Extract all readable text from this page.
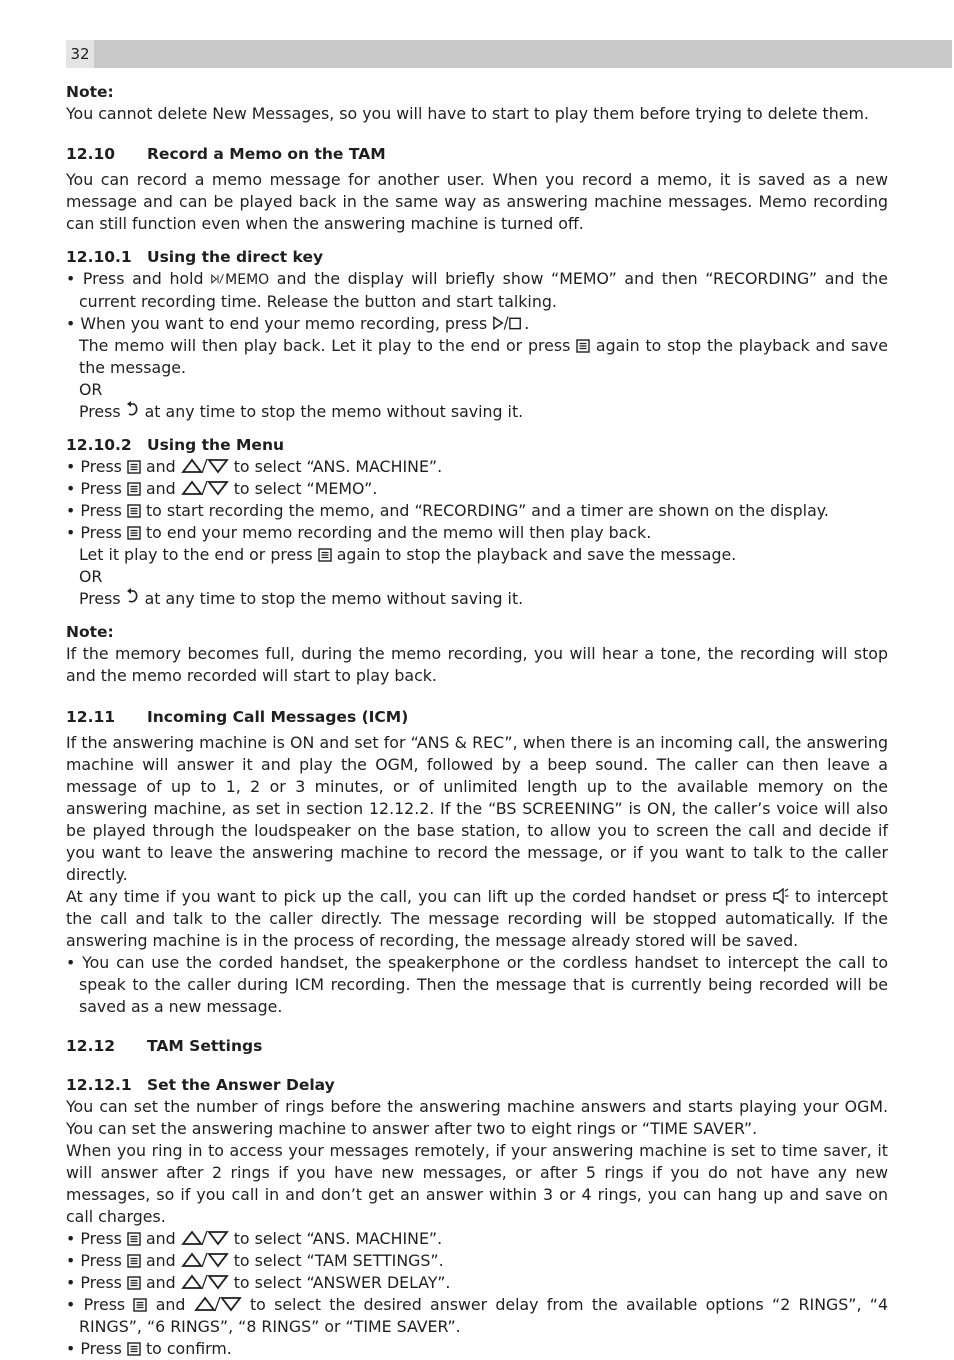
32

Note:

You cannot delete New Messages, so you will have to start to play them before trying to delete them.

12.10 Record a Memo on the TAM

You can record a memo message for another user. When you record a memo, it is saved as a new message and can be played back in the same way as answering machine messages. Memo recording can still function even when the answering machine is turned off.

12.10.1 Using the direct key

• Press and hold MEMO and the display will briefly show “MEMO” and then “RECORDING” and the current recording time. Release the button and start talking.

• When you want to end your memo recording, press .

The memo will then play back. Let it play to the end or press  again to stop the playback and save the message.

OR

Press  at any time to stop the memo without saving it.

12.10.2 Using the Menu

• Press  and	to select “ANS. MACHINE”.

• Press  and	to select “MEMO”.

• Press  to start recording the memo, and “RECORDING” and a timer are shown on the display.

• Press  to end your memo recording and the memo will then play back.

Let it play to the end or press  again to stop the playback and save the message.

OR

Press  at any time to stop the memo without saving it.

Note:

If the memory becomes full, during the memo recording, you will hear a tone, the recording will stop and the memo recorded will start to play back.

12.11 Incoming Call Messages (ICM)

If the answering machine is ON and set for “ANS & REC”, when there is an incoming call, the answering machine will answer it and play the OGM, followed by a beep sound. The caller can then leave a message of up to 1, 2 or 3 minutes, or of unlimited length up to the available memory on the answering machine, as set in section 12.12.2. If the “BS SCREENING” is ON, the caller’s voice will also be played through the loudspeaker on the base station, to allow you to screen the call and decide if you want to leave the answering machine to record the message, or if you want to talk to the caller directly.

At any time if you want to pick up the call, you can lift up the corded handset or press  to intercept the call and talk to the caller directly. The message recording will be stopped automatically. If the answering machine is in the process of recording, the message already stored will be saved.

• You can use the corded handset, the speakerphone or the cordless handset to intercept the call to speak to the caller during ICM recording. Then the message that is currently being recorded will be saved as a new message.

12.12 TAM Settings

12.12.1 Set the Answer Delay

You can set the number of rings before the answering machine answers and starts playing your OGM. You can set the answering machine to answer after two to eight rings or “TIME SAVER”.

When you ring in to access your messages remotely, if your answering machine is set to time saver, it will answer after 2 rings if you have new messages, or after 5 rings if you do not have any new messages, so if you call in and don’t get an answer within 3 or 4 rings, you can hang up and save on call charges.

• Press  and	to select “ANS. MACHINE”.

• Press  and	to select “TAM SETTINGS”.

• Press  and	to select “ANSWER DELAY”.

• Press  and	to select the desired answer delay from the available options “2 RINGS”, “4 RINGS”, “6 RINGS”, “8 RINGS” or “TIME SAVER”.

• Press  to confirm.
